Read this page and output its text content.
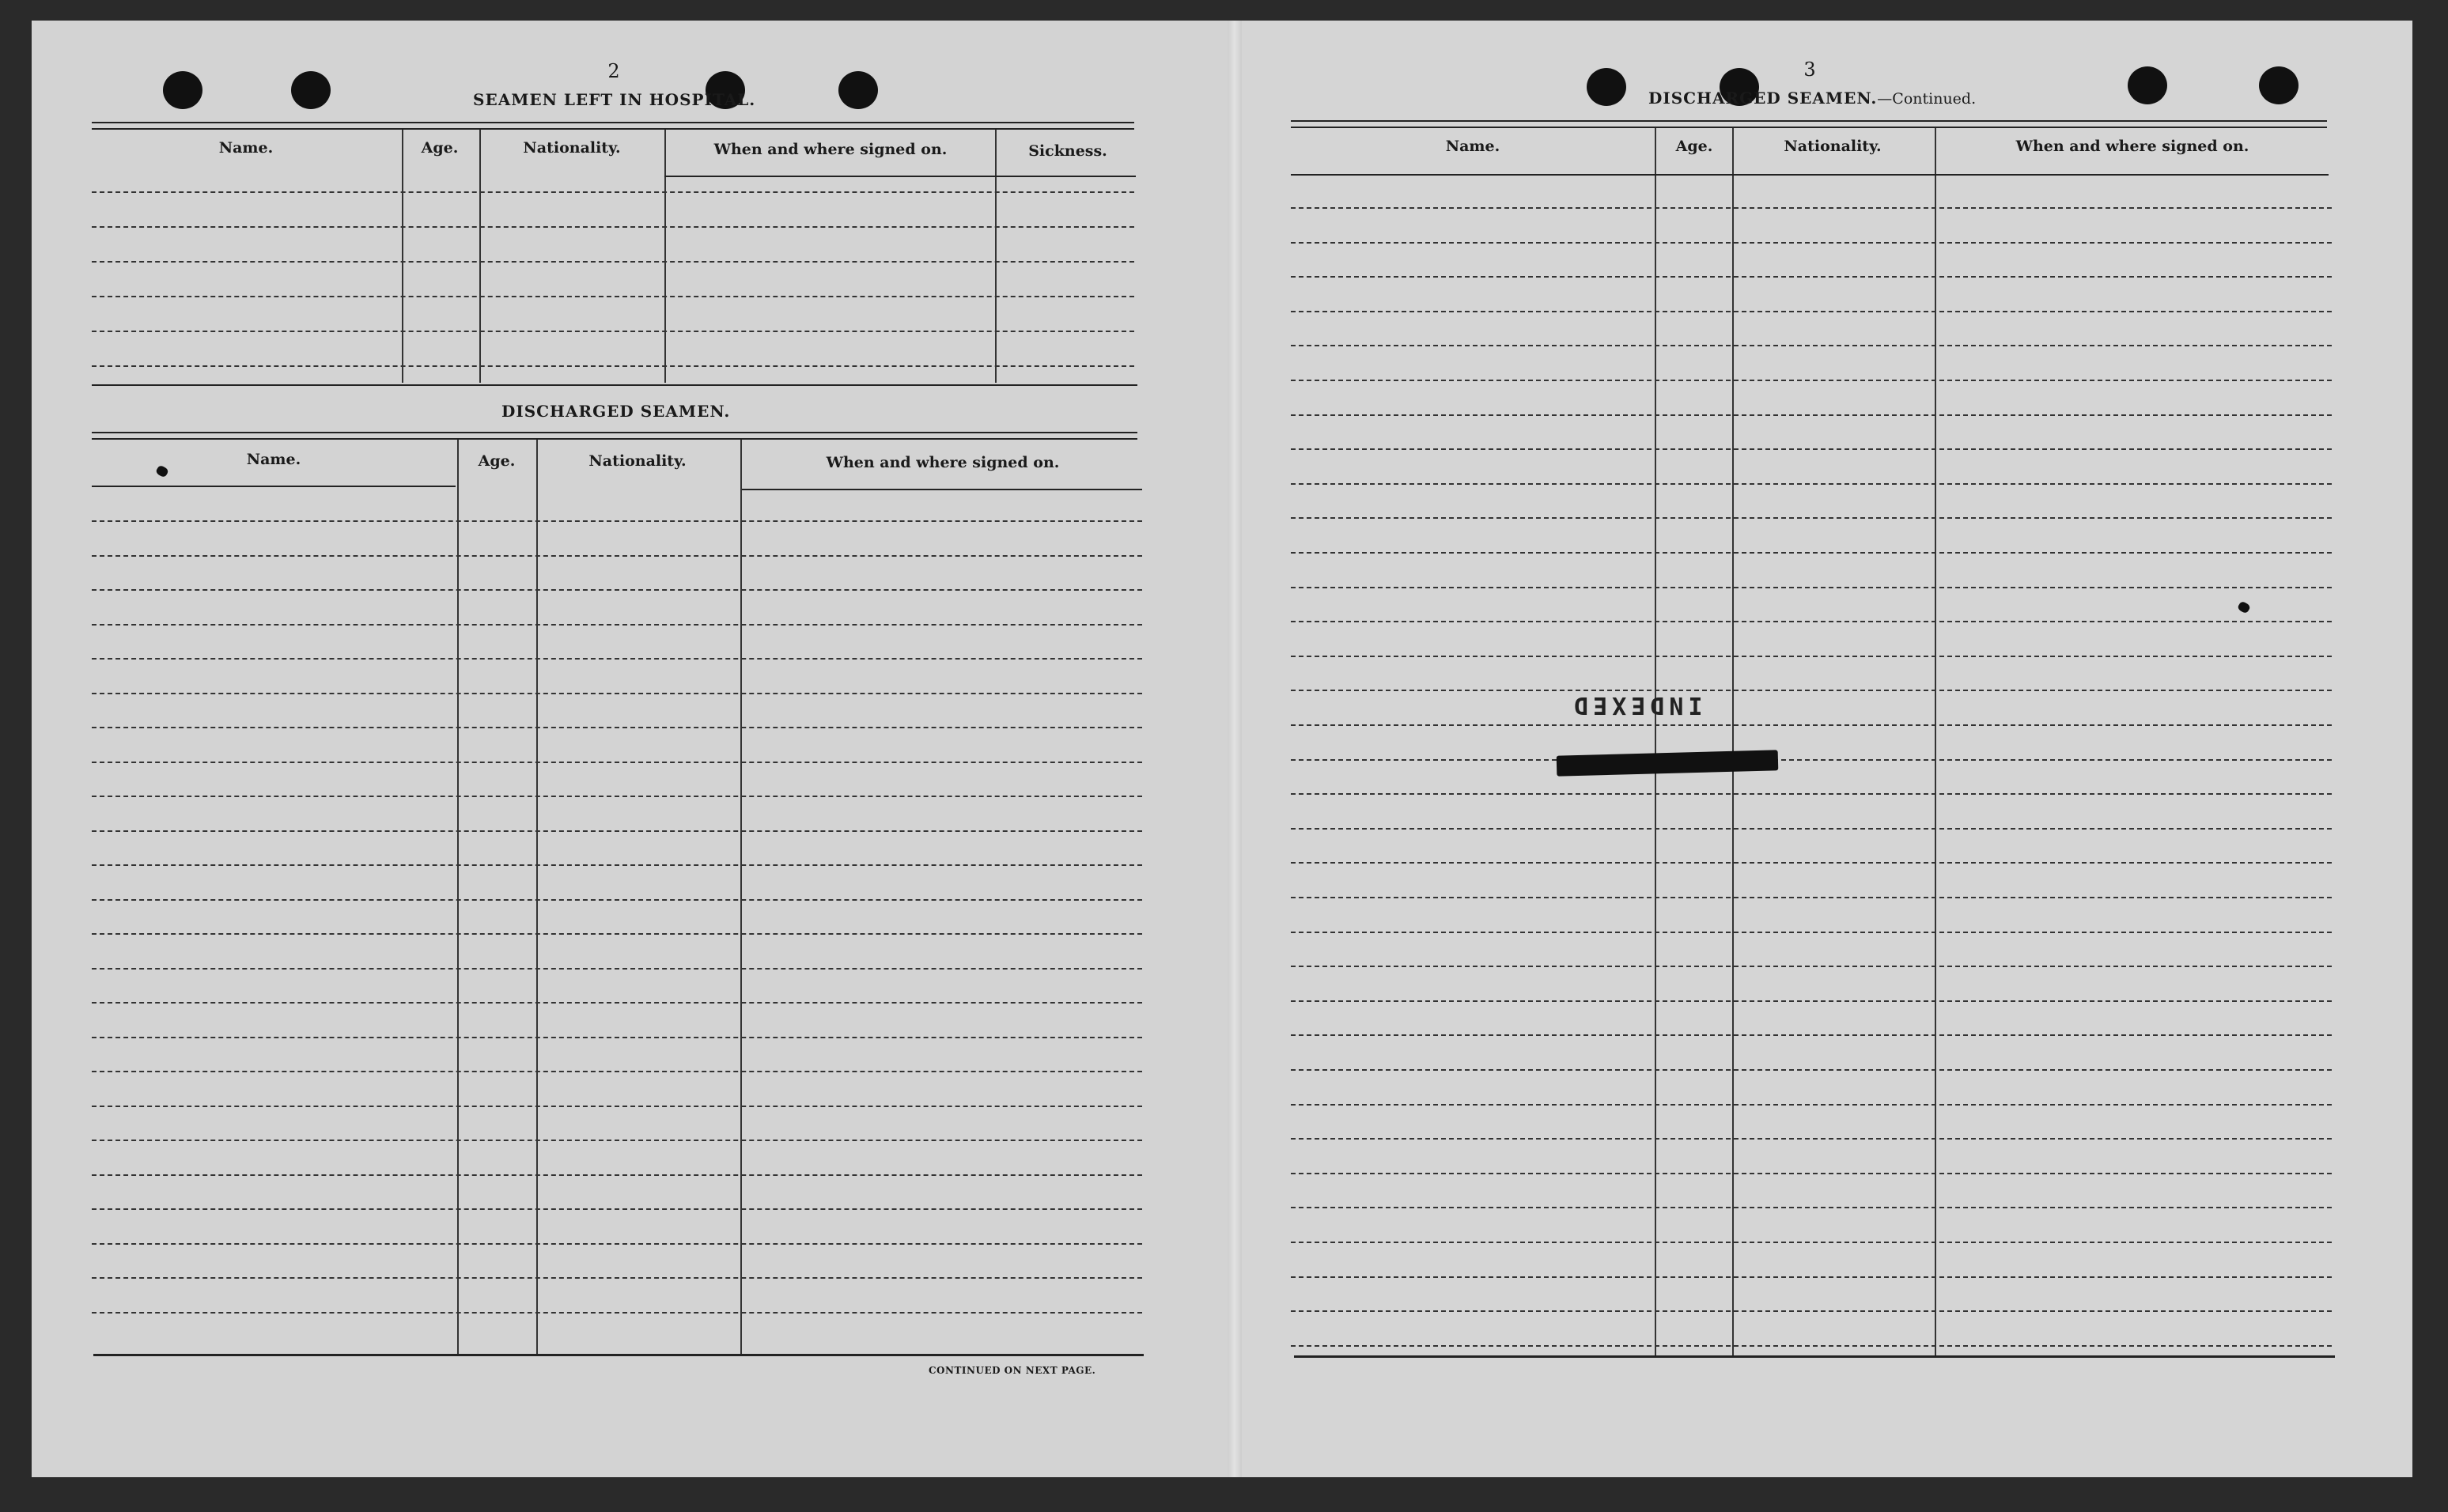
2
SEAMEN LEFT IN HOSPITAL.
Name.	Age.	Nationality.	When and where signed on.	Sickness.
DISCHARGED SEAMEN.
Name.	Age.	Nationality.	When and where signed on.
CONTINUED ON NEXT PAGE.
3
DISCHARGED SEAMEN.—Continued.
Name.	Age.	Nationality.	When and where signed on.
INDEXED
